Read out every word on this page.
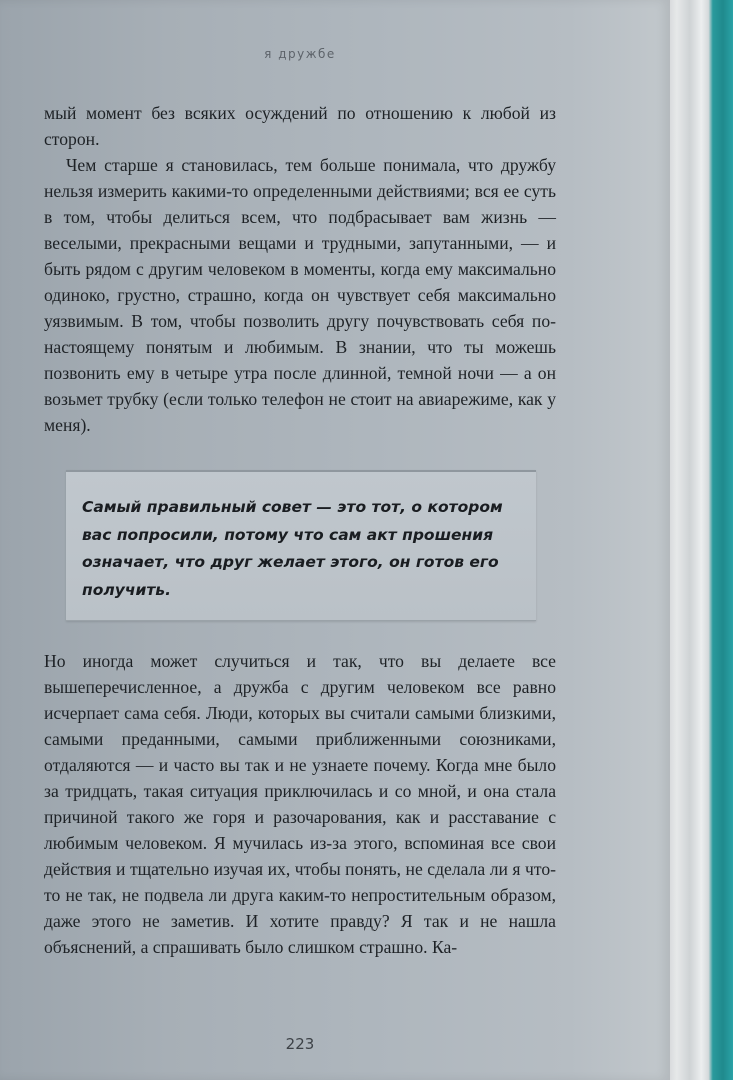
я дружбе

мый момент без всяких осуждений по отношению к любой из сторон.

Чем старше я становилась, тем больше понимала, что дружбу нельзя измерить какими-то определенными действиями; вся ее суть в том, чтобы делиться всем, что подбрасывает вам жизнь — веселыми, прекрасными вещами и трудными, запутанными, — и быть рядом с другим человеком в моменты, когда ему максимально одиноко, грустно, страшно, когда он чувствует себя максимально уязвимым. В том, чтобы позволить другу почувствовать себя по-настоящему понятым и любимым. В знании, что ты можешь позвонить ему в четыре утра после длинной, темной ночи — а он возьмет трубку (если только телефон не стоит на авиарежиме, как у меня).

Самый правильный совет — это тот, о котором вас попросили, потому что сам акт прошения означает, что друг желает этого, он готов его получить.

Но иногда может случиться и так, что вы делаете все вышеперечисленное, а дружба с другим человеком все равно исчерпает сама себя. Люди, которых вы считали самыми близкими, самыми преданными, самыми приближенными союзниками, отдаляются — и часто вы так и не узнаете почему. Когда мне было за тридцать, такая ситуация приключилась и со мной, и она стала причиной такого же горя и разочарования, как и расставание с любимым человеком. Я мучилась из-за этого, вспоминая все свои действия и тщательно изучая их, чтобы понять, не сделала ли я что-то не так, не подвела ли друга каким-то непростительным образом, даже этого не заметив. И хотите правду? Я так и не нашла объяснений, а спрашивать было слишком страшно. Ка-

223
